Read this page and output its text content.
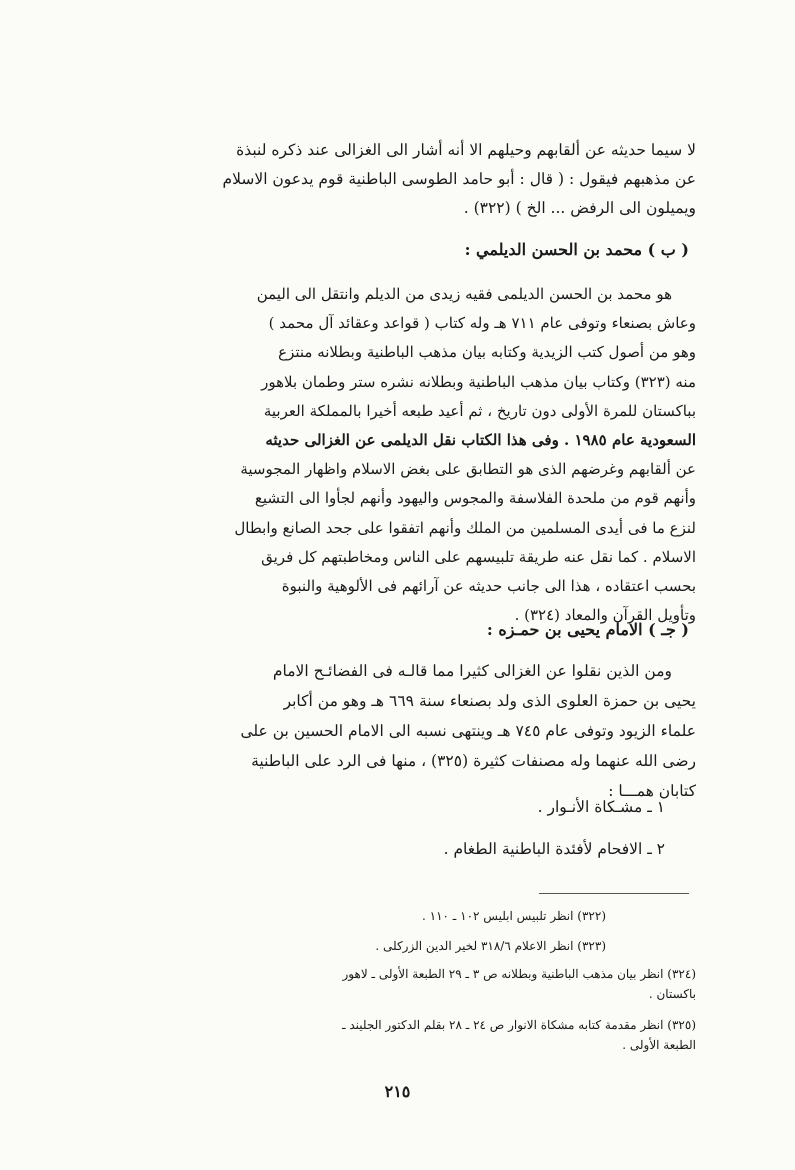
لا سيما حديثه عن ألقابهم وحيلهم الا أنه أشار الى الغزالى عند ذكره لنبذة
عن مذهبهم فيقول : ( قال : أبو حامد الطوسى الباطنية قوم يدعون الاسلام
ويميلون الى الرفض ... الخ ) (٣٢٢) .
( ب ) محمد بن الحسن الديلمي :
هو محمد بن الحسن الديلمى فقيه زيدى من الديلم وانتقل الى اليمن
وعاش بصنعاء وتوفى عام ٧١١ هـ وله كتاب ( قواعد وعقائد آل محمد )
وهو من أصول كتب الزيدية وكتابه بيان مذهب الباطنية وبطلانه منتزع
منه (٣٢٣) وكتاب بيان مذهب الباطنية وبطلانه نشره ستر وطمان بلاهور
بباكستان للمرة الأولى دون تاريخ ، ثم أعيد طبعه أخيرا بالمملكة العربية
السعودية عام ١٩٨٥ . وفى هذا الكتاب نقل الديلمى عن الغزالى حديثه
عن ألقابهم وغرضهم الذى هو التطابق على بغض الاسلام واظهار المجوسية
وأنهم قوم من ملحدة الفلاسفة والمجوس واليهود وأنهم لجأوا الى التشيع
لنزع ما فى أيدى المسلمين من الملك وأنهم اتفقوا على جحد الصانع وابطال
الاسلام . كما نقل عنه طريقة تلبيسهم على الناس ومخاطبتهم كل فريق
بحسب اعتقاده ، هذا الى جانب حديثه عن آرائهم فى الألوهية والنبوة
وتأويل القرآن والمعاد (٣٢٤) .
( جـ ) الامام يحيى بن حمـزه :
ومن الذين نقلوا عن الغزالى كثيرا مما قالـه فى الفضائـح الامام
يحيى بن حمزة العلوى الذى ولد بصنعاء سنة ٦٦٩ هـ وهو من أكابر
علماء الزيود وتوفى عام ٧٤٥ هـ وينتهى نسبه الى الامام الحسين بن على
رضى الله عنهما وله مصنفات كثيرة (٣٢٥) ، منها فى الرد على الباطنية
كتابان همـــا :
١ ـ مشـكاة الأنـوار .
٢ ـ الافحام لأفئدة الباطنية الطغام .
(٣٢٢) انظر تلبيس ابليس ١٠٢ ـ ١١٠ .
(٣٢٣) انظر الاعلام ٣١٨/٦ لخير الدين الزركلى .
(٣٢٤) انظر بيان مذهب الباطنية وبطلانه ص ٣ ـ ٢٩ الطبعة الأولى ـ لاهور
باكستان .
(٣٢٥) انظر مقدمة كتابه مشكاة الانوار ص ٢٤ ـ ٢٨ بقلم الدكتور الجليند ـ
الطبعة الأولى .
٢١٥
